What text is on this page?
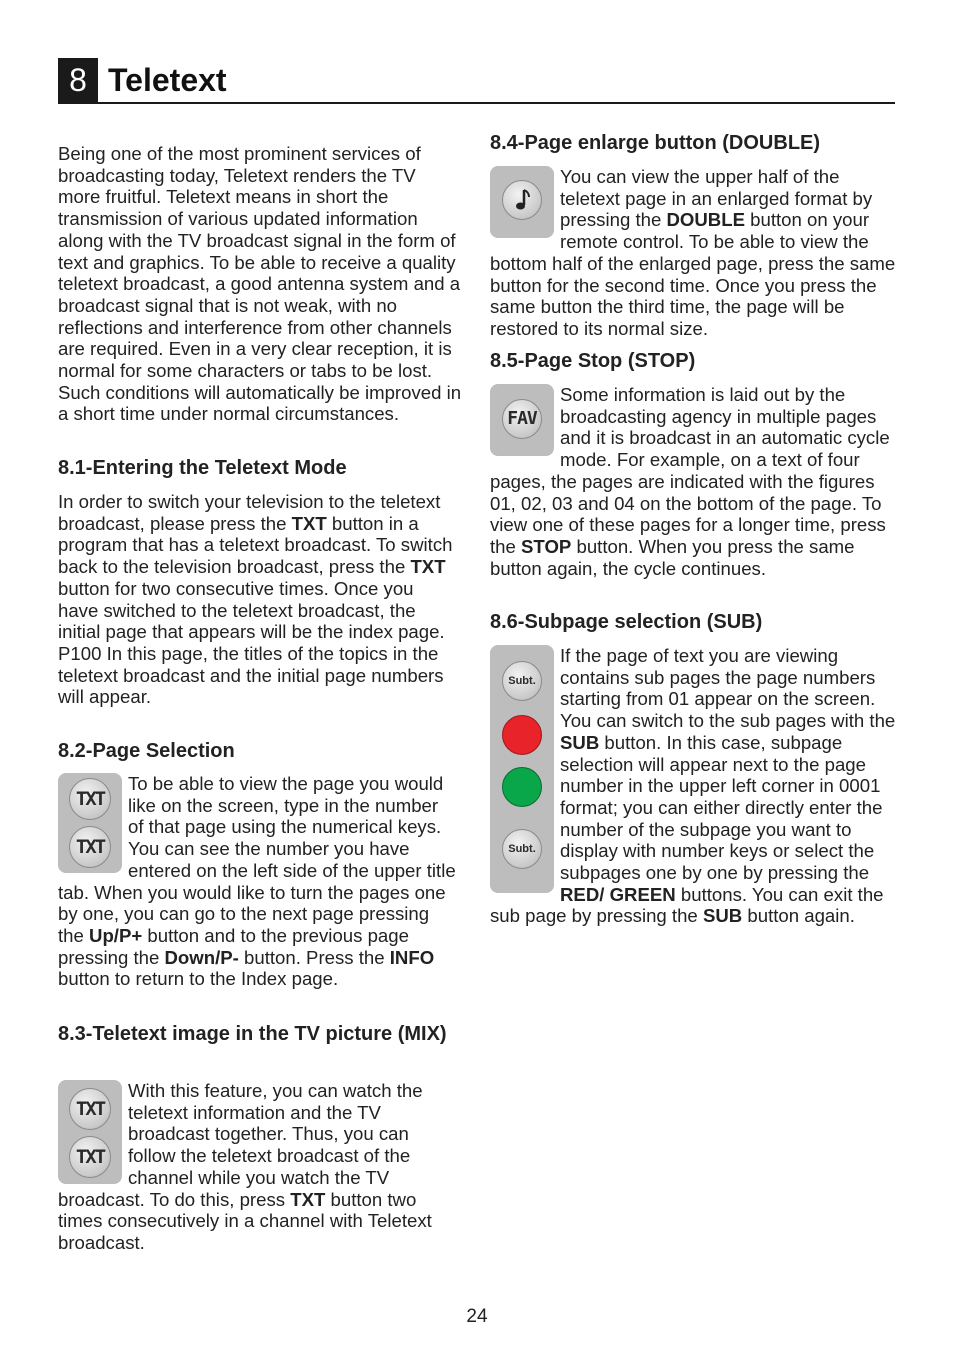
8 Teletext

Being one of the most prominent services of broadcasting today, Teletext renders the TV more fruitful. Teletext means in short the transmission of various updated information along with the TV broadcast signal in the form of text and graphics. To be able to receive a quality teletext broadcast, a good antenna system and a broadcast signal that is not weak, with no reflections and interference from other channels are required. Even in a very clear reception, it is normal for some characters or tabs to be lost. Such conditions will automatically be improved in a short time under normal circumstances.

8.1-Entering the Teletext Mode

In order to switch your television to the teletext broadcast, please press the TXT button in a program that has a teletext broadcast. To switch back to the television broadcast, press the TXT button for two consecutive times. Once you have switched to the teletext broadcast, the initial page that appears will be the index page. P100 In this page, the titles of the topics in the teletext broadcast and the initial page numbers will appear.

8.2-Page Selection
TXT
TXT

To be able to view the page you would like on the screen, type in the number of that page using the numerical keys. You can see the number you have entered on the left side of the upper title tab. When you would like to turn the pages one by one, you can go to the next page pressing the Up/P+ button and to the previous page pressing the Down/P- button. Press the INFO button to return to the Index page.

8.3-Teletext image in the TV picture (MIX)
TXT
TXT

With this feature, you can watch the teletext information and the TV broadcast together. Thus, you can follow the teletext broadcast of the channel while you watch the TV broadcast. To do this, press TXT button two times consecutively in a channel with Teletext broadcast.

8.4-Page enlarge button (DOUBLE)

You can view the upper half of the teletext page in an enlarged format by pressing the DOUBLE button on your remote control. To be able to view the bottom half of the enlarged page, press the same button for the second time. Once you press the same button the third time, the page will be restored to its normal size.

8.5-Page Stop (STOP)
FAV

Some information is laid out by the broadcasting agency in multiple pages and it is broadcast in an automatic cycle mode. For example, on a text of four pages, the pages are indicated with the figures 01, 02, 03 and 04 on the bottom of the page. To view one of these pages for a longer time, press the STOP button. When you press the same button again, the cycle continues.

8.6-Subpage selection (SUB)
Subt.
Subt.

If the page of text you are viewing contains sub pages the page numbers starting from 01 appear on the screen. You can switch to the sub pages with the SUB button. In this case, subpage selection will appear next to the page number in the upper left corner in 0001 format; you can either directly enter the number of the subpage you want to display with number keys or select the subpages one by one by pressing the RED/ GREEN buttons. You can exit the sub page by pressing the SUB button again.

24
